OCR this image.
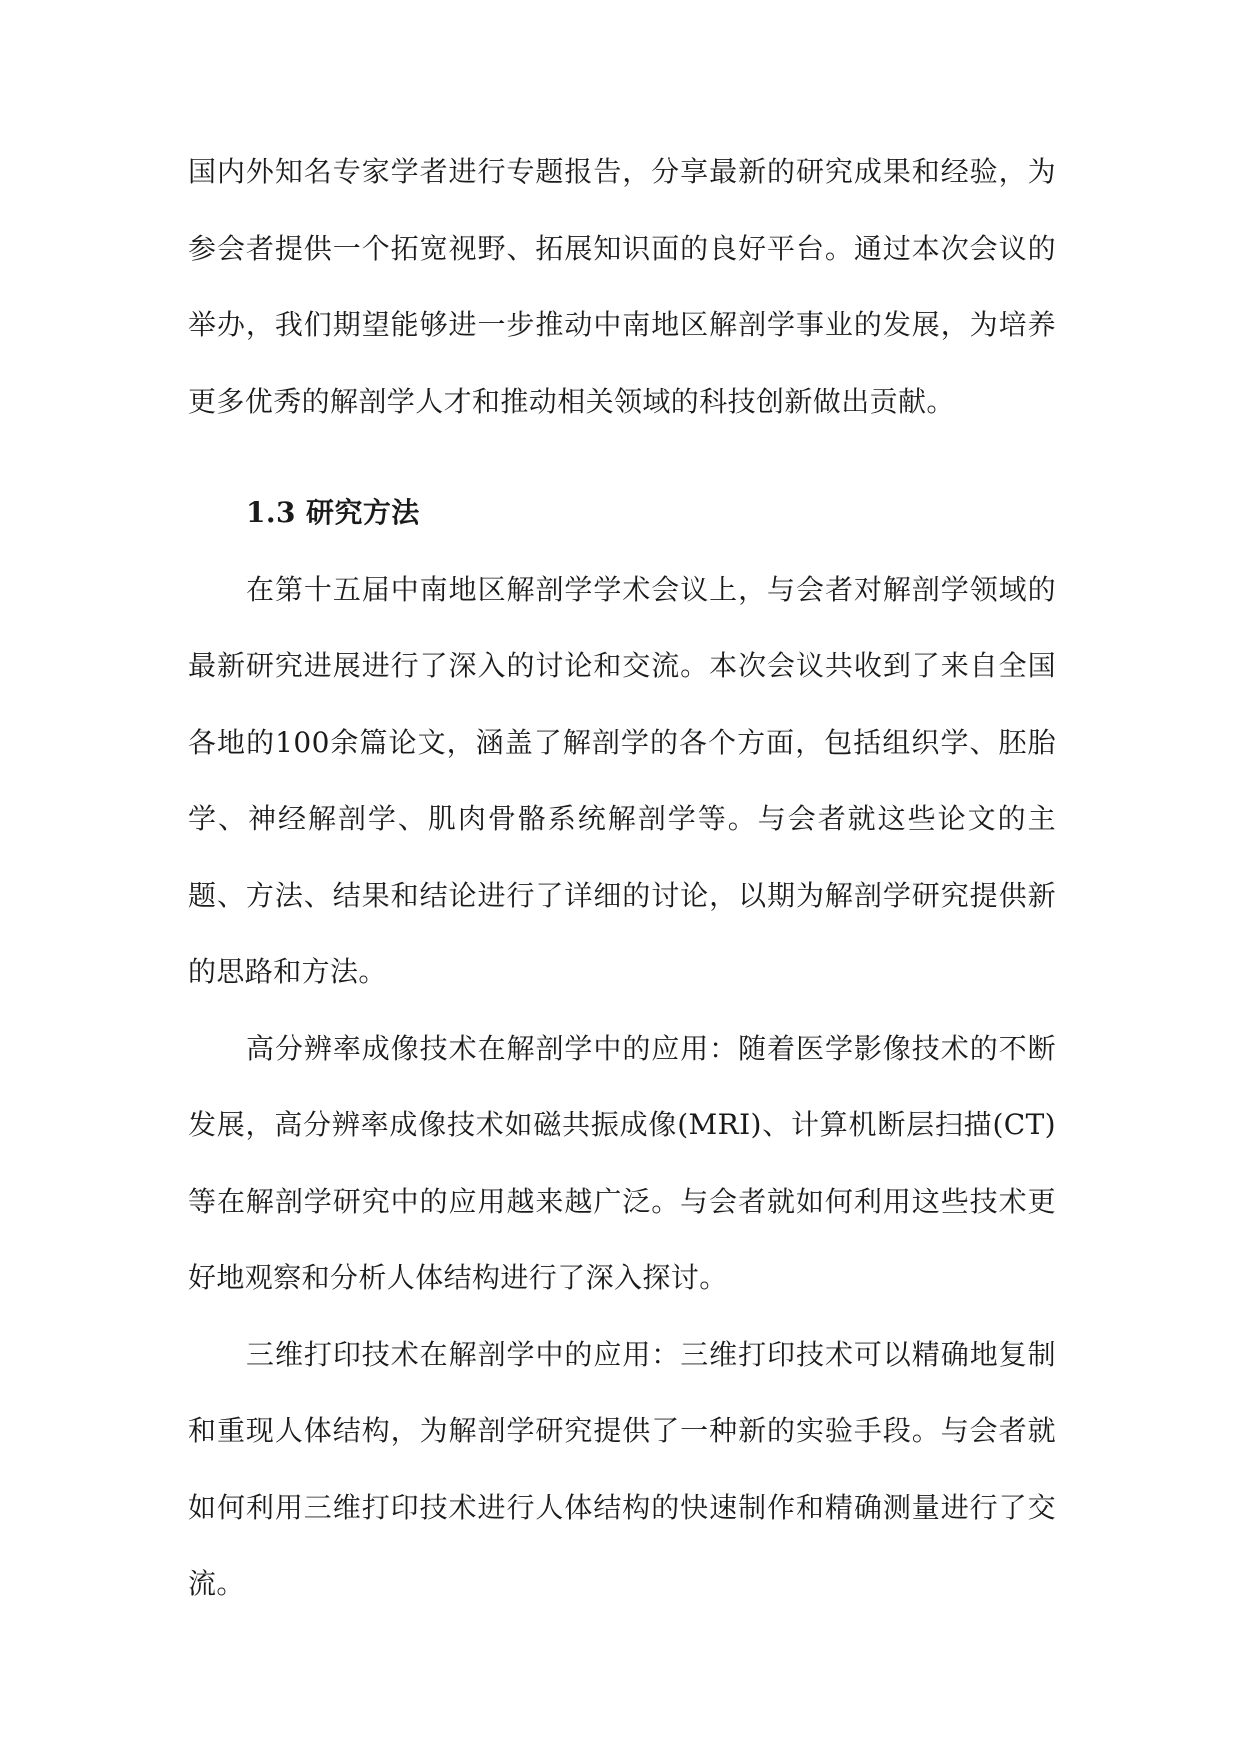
国内外知名专家学者进行专题报告，分享最新的研究成果和经验，为参会者提供一个拓宽视野、拓展知识面的良好平台。通过本次会议的举办，我们期望能够进一步推动中南地区解剖学事业的发展，为培养更多优秀的解剖学人才和推动相关领域的科技创新做出贡献。

1.3 研究方法

在第十五届中南地区解剖学学术会议上，与会者对解剖学领域的最新研究进展进行了深入的讨论和交流。本次会议共收到了来自全国各地的100余篇论文，涵盖了解剖学的各个方面，包括组织学、胚胎学、神经解剖学、肌肉骨骼系统解剖学等。与会者就这些论文的主题、方法、结果和结论进行了详细的讨论，以期为解剖学研究提供新的思路和方法。

高分辨率成像技术在解剖学中的应用：随着医学影像技术的不断发展，高分辨率成像技术如磁共振成像(MRI)、计算机断层扫描(CT)等在解剖学研究中的应用越来越广泛。与会者就如何利用这些技术更好地观察和分析人体结构进行了深入探讨。

三维打印技术在解剖学中的应用：三维打印技术可以精确地复制和重现人体结构，为解剖学研究提供了一种新的实验手段。与会者就如何利用三维打印技术进行人体结构的快速制作和精确测量进行了交流。
